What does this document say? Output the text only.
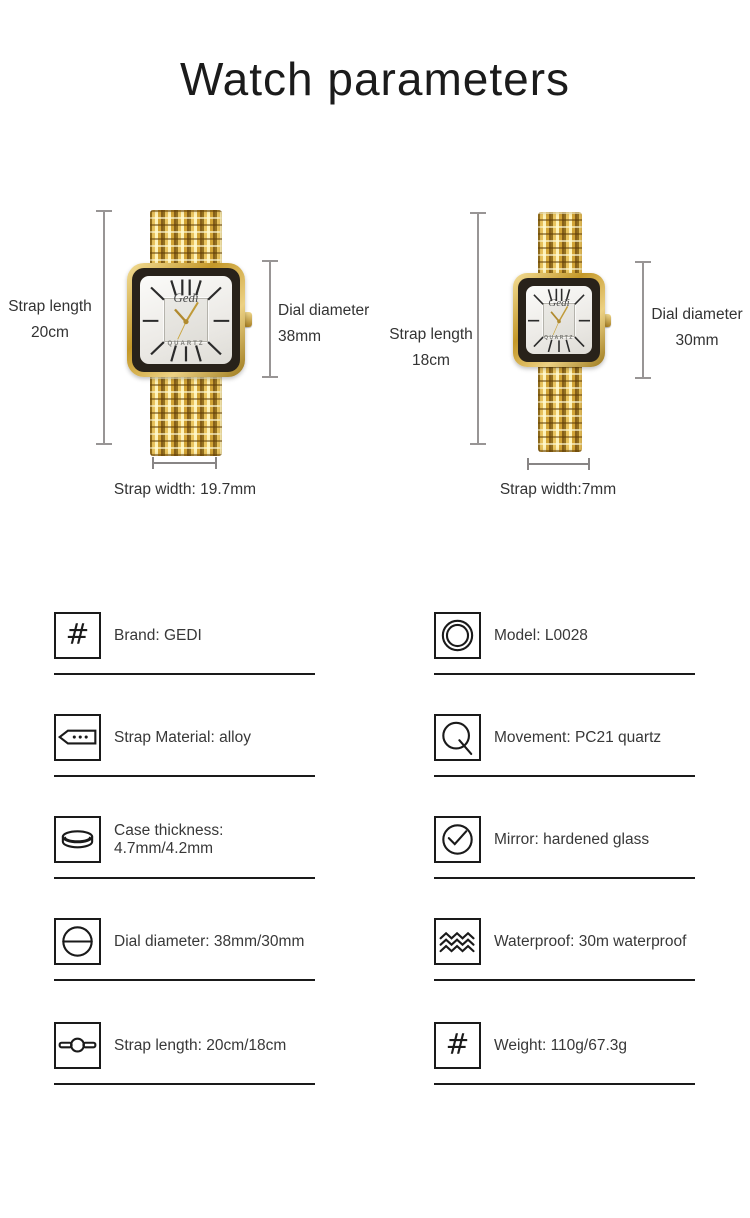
Watch parameters
Gedi
QUARTZ
Strap length
20cm
Dial diameter
38mm
Strap width: 19.7mm
Gedi
QUARTZ
Strap length
18cm
Dial diameter
30mm
Strap width:7mm
# Brand: GEDI
Strap Material: alloy
Case thickness: 4.7mm/4.2mm
Dial diameter: 38mm/30mm
Strap length: 20cm/18cm
Model: L0028
Movement: PC21 quartz
Mirror: hardened glass
Waterproof: 30m waterproof
# Weight: 110g/67.3g
